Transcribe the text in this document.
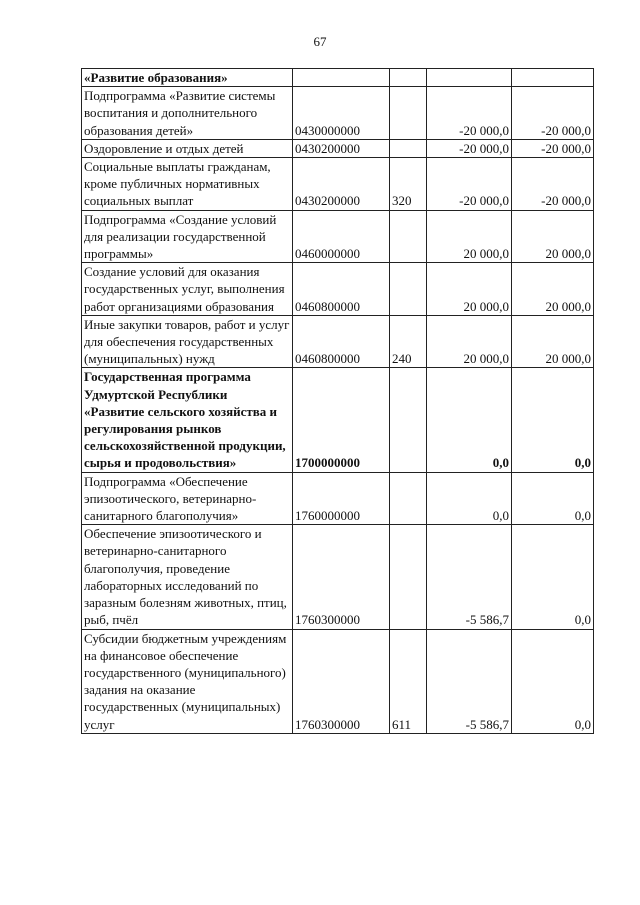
67
«Развитие образования»				
Подпрограмма «Развитие системы воспитания и дополнительного образования детей»	0430000000		-20 000,0	-20 000,0
Оздоровление и отдых детей	0430200000		-20 000,0	-20 000,0
Социальные выплаты гражданам, кроме публичных нормативных социальных выплат	0430200000	320	-20 000,0	-20 000,0
Подпрограмма «Создание условий для реализации государственной программы»	0460000000		20 000,0	20 000,0
Создание условий для оказания государственных услуг, выполнения работ организациями образования	0460800000		20 000,0	20 000,0
Иные закупки товаров, работ и услуг для обеспечения государственных (муниципальных) нужд	0460800000	240	20 000,0	20 000,0
Государственная программа Удмуртской Республики «Развитие сельского хозяйства и регулирования рынков сельскохозяйственной продукции, сырья и продовольствия»	1700000000		0,0	0,0
Подпрограмма «Обеспечение эпизоотического, ветеринарно-санитарного благополучия»	1760000000		0,0	0,0
Обеспечение эпизоотического и ветеринарно-санитарного благополучия, проведение лабораторных исследований по заразным болезням животных, птиц, рыб, пчёл	1760300000		-5 586,7	0,0
Субсидии бюджетным учреждениям на финансовое обеспечение государственного (муниципального) задания на оказание государственных (муниципальных) услуг	1760300000	611	-5 586,7	0,0
